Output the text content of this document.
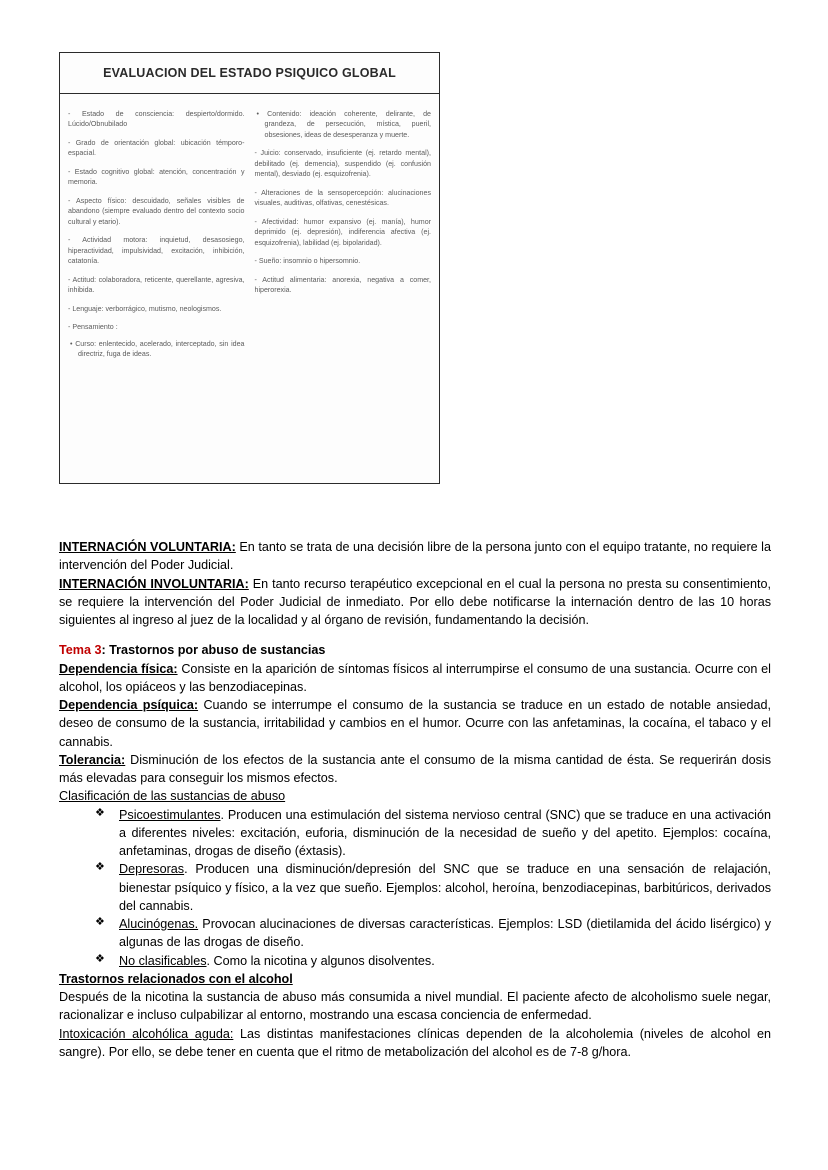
EVALUACION DEL ESTADO PSIQUICO GLOBAL

- Estado de consciencia: despierto/dormido. Lúcido/Obnubilado

- Grado de orientación global: ubicación témporo-espacial.

- Estado cognitivo global: atención, concentración y memoria.

- Aspecto físico: descuidado, señales visibles de abandono (siempre evaluado dentro del contexto socio cultural y etario).

- Actividad motora: inquietud, desasosiego, hiperactividad, impulsividad, excitación, inhibición, catatonía.

- Actitud: colaboradora, reticente, querellante, agresiva, inhibida.

- Lenguaje: verborrágico, mutismo, neologismos.

- Pensamiento :

• Curso: enlentecido, acelerado, interceptado, sin idea directriz, fuga de ideas.

• Contenido: ideación coherente, delirante, de grandeza, de persecución, mística, pueril, obsesiones, ideas de desesperanza y muerte.

- Juicio: conservado, insuficiente (ej. retardo mental), debilitado (ej. demencia), suspendido (ej. confusión mental), desviado (ej. esquizofrenia).

- Alteraciones de la sensopercepción: alucinaciones visuales, auditivas, olfativas, cenestésicas.

- Afectividad: humor expansivo (ej. manía), humor deprimido (ej. depresión), indiferencia afectiva (ej. esquizofrenia), labilidad (ej. bipolaridad).

- Sueño: insomnio o hipersomnio.

- Actitud alimentaria: anorexia, negativa a comer, hiperorexia.

INTERNACIÓN VOLUNTARIA: En tanto se trata de una decisión libre de la persona junto con el equipo tratante, no requiere la intervención del Poder Judicial.

INTERNACIÓN INVOLUNTARIA: En tanto recurso terapéutico excepcional en el cual la persona no presta su consentimiento, se requiere la intervención del Poder Judicial de inmediato. Por ello debe notificarse la internación dentro de las 10 horas siguientes al ingreso al juez de la localidad y al órgano de revisión, fundamentando la decisión.

Tema 3: Trastornos por abuso de sustancias

Dependencia física: Consiste en la aparición de síntomas físicos al interrumpirse el consumo de una sustancia. Ocurre con el alcohol, los opiáceos y las benzodiacepinas.

Dependencia psíquica: Cuando se interrumpe el consumo de la sustancia se traduce en un estado de notable ansiedad, deseo de consumo de la sustancia, irritabilidad y cambios en el humor. Ocurre con las anfetaminas, la cocaína, el tabaco y el cannabis.

Tolerancia: Disminución de los efectos de la sustancia ante el consumo de la misma cantidad de ésta. Se requerirán dosis más elevadas para conseguir los mismos efectos.

Clasificación de las sustancias de abuso

❖ Psicoestimulantes. Producen una estimulación del sistema nervioso central (SNC) que se traduce en una activación a diferentes niveles: excitación, euforia, disminución de la necesidad de sueño y del apetito. Ejemplos: cocaína, anfetaminas, drogas de diseño (éxtasis).
❖ Depresoras. Producen una disminución/depresión del SNC que se traduce en una sensación de relajación, bienestar psíquico y físico, a la vez que sueño. Ejemplos: alcohol, heroína, benzodiacepinas, barbitúricos, derivados del cannabis.
❖ Alucinógenas. Provocan alucinaciones de diversas características. Ejemplos: LSD (dietilamida del ácido lisérgico) y algunas de las drogas de diseño.
❖ No clasificables. Como la nicotina y algunos disolventes.

Trastornos relacionados con el alcohol

Después de la nicotina la sustancia de abuso más consumida a nivel mundial. El paciente afecto de alcoholismo suele negar, racionalizar e incluso culpabilizar al entorno, mostrando una escasa conciencia de enfermedad.

Intoxicación alcohólica aguda: Las distintas manifestaciones clínicas dependen de la alcoholemia (niveles de alcohol en sangre). Por ello, se debe tener en cuenta que el ritmo de metabolización del alcohol es de 7-8 g/hora.
